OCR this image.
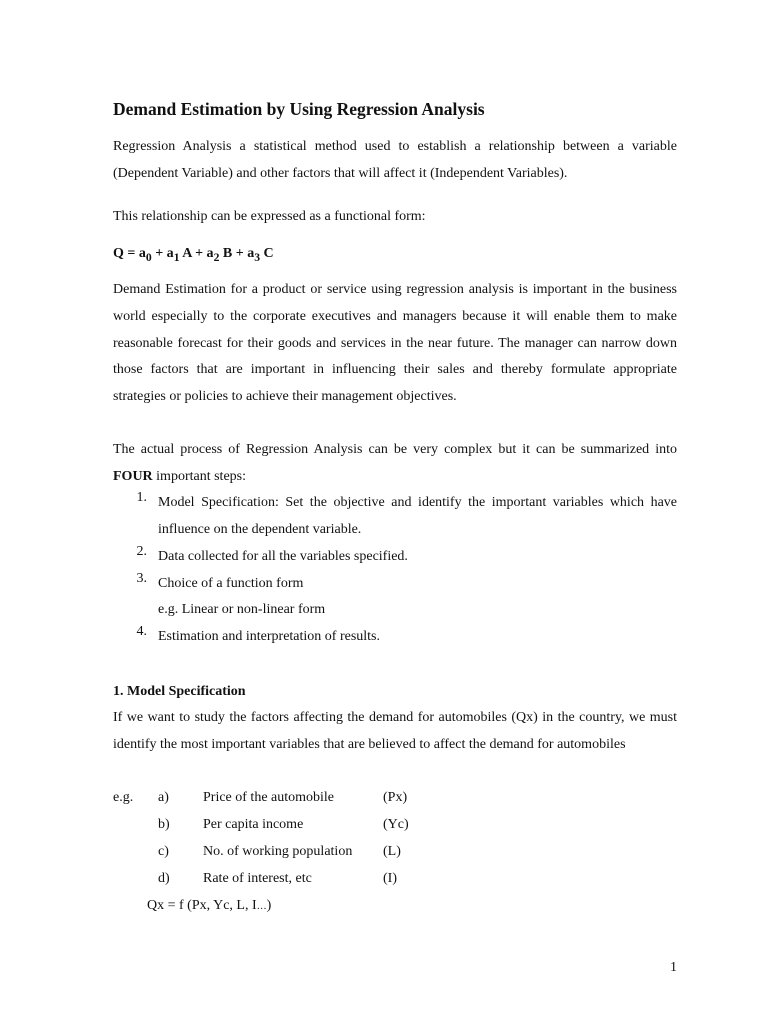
Demand Estimation by Using Regression Analysis
Regression Analysis a statistical method used to establish a relationship between a variable (Dependent Variable) and other factors that will affect it (Independent Variables).
This relationship can be expressed as a functional form:
$Q = a_0 + a_1$ $A + a_2$ $B + a_3$ C
Demand Estimation for a product or service using regression analysis is important in the business world especially to the corporate executives and managers because it will enable them to make reasonable forecast for their goods and services in the near future. The manager can narrow down those factors that are important in influencing their sales and thereby formulate appropriate strategies or policies to achieve their management objectives.
The actual process of Regression Analysis can be very complex but it can be summarized into FOUR important steps:
1. Model Specification: Set the objective and identify the important variables which have influence on the dependent variable.
2. Data collected for all the variables specified.
3. Choice of a function form
e.g. Linear or non-linear form
4. Estimation and interpretation of results.
1. Model Specification
If we want to study the factors affecting the demand for automobiles (Qx) in the country, we must identify the most important variables that are believed to affect the demand for automobiles
e.g. a) Price of the automobile	(Px)
b) Per capita income	(Yc)
c) No. of working population (L)
d) Rate of interest, etc	(I)
Qx = f (Px, Yc, L, I…)
1
